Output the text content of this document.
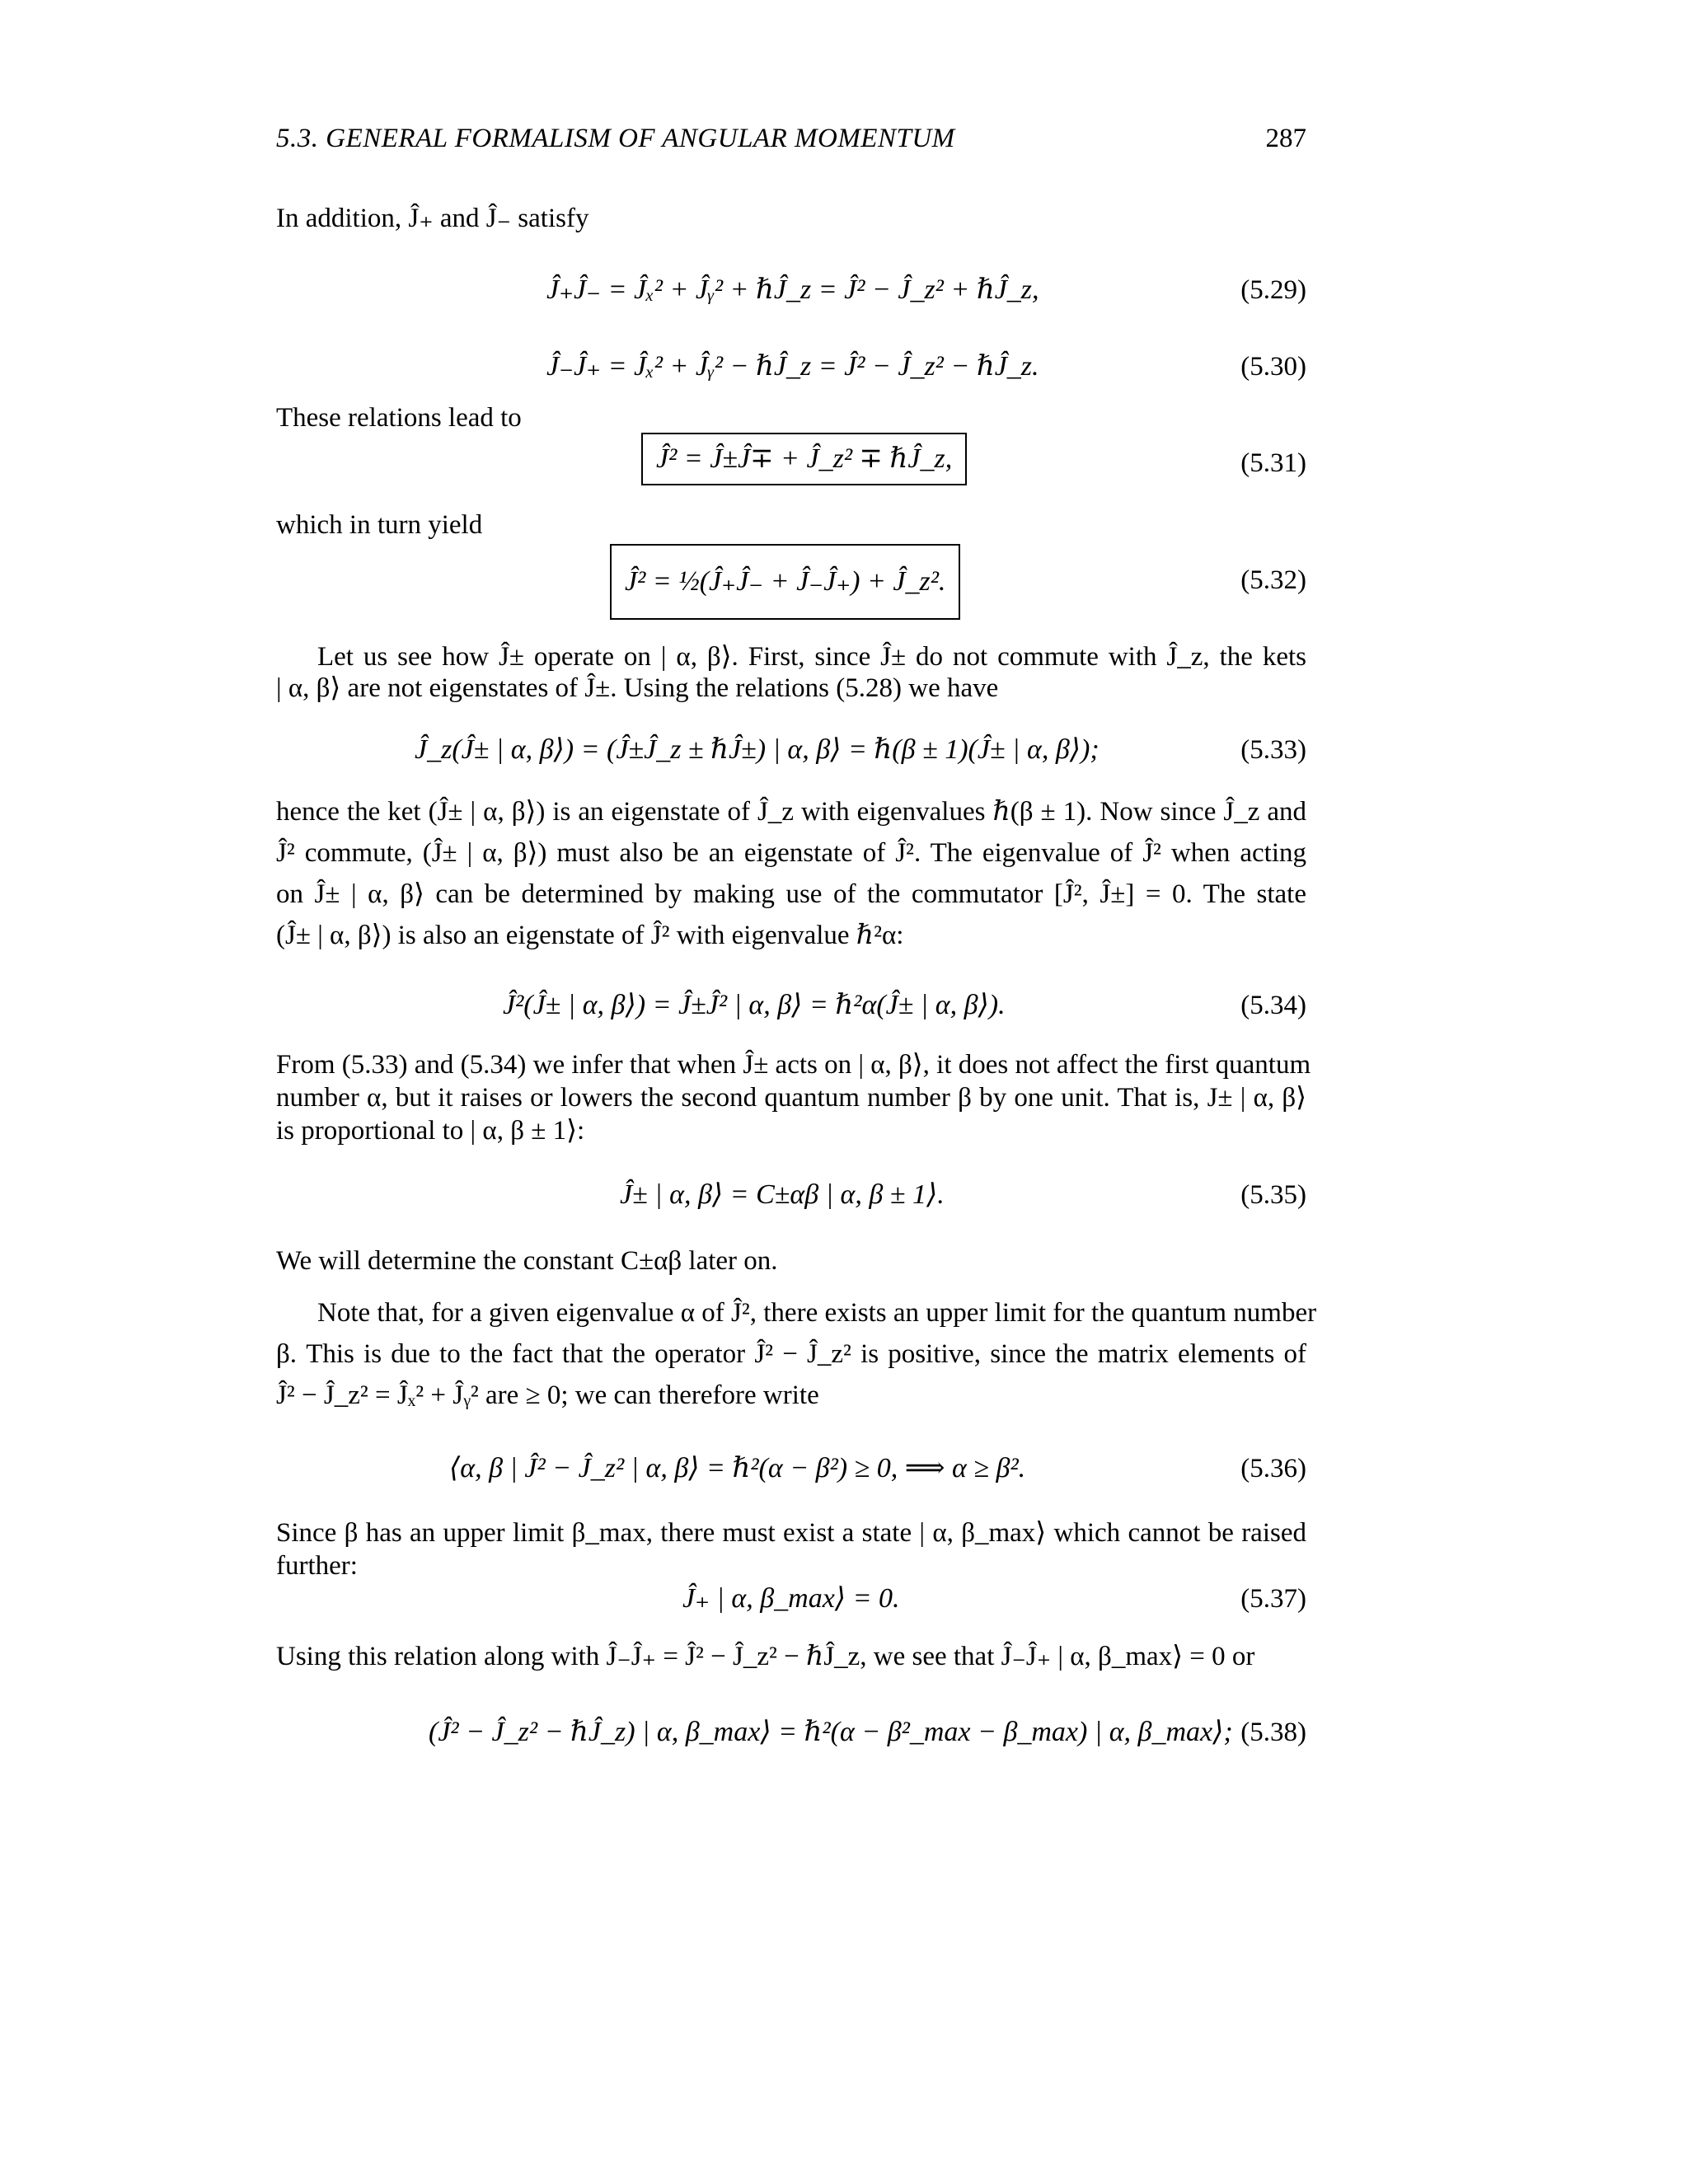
5.3. GENERAL FORMALISM OF ANGULAR MOMENTUM	287
In addition, Ĵ₊ and Ĵ₋ satisfy
Ĵ₊Ĵ₋ = Ĵₓ² + Ĵᵧ² + ℏĴ_z = Ĵ² − Ĵ_z² + ℏĴ_z,	(5.29)
Ĵ₋Ĵ₊ = Ĵₓ² + Ĵᵧ² − ℏĴ_z = Ĵ² − Ĵ_z² − ℏĴ_z.	(5.30)
These relations lead to
Ĵ² = Ĵ±Ĵ∓ + Ĵ_z² ∓ ℏĴ_z,	(5.31)
which in turn yield
Ĵ² = ½(Ĵ₊Ĵ₋ + Ĵ₋Ĵ₊) + Ĵ_z².	(5.32)
Let us see how Ĵ± operate on | α, β⟩. First, since Ĵ± do not commute with Ĵ_z, the kets
| α, β⟩ are not eigenstates of Ĵ±. Using the relations (5.28) we have
Ĵ_z(Ĵ± | α, β⟩) = (Ĵ±Ĵ_z ± ℏĴ±) | α, β⟩ = ℏ(β ± 1)(Ĵ± | α, β⟩);	(5.33)
hence the ket (Ĵ± | α, β⟩) is an eigenstate of Ĵ_z with eigenvalues ℏ(β ± 1). Now since Ĵ_z and
Ĵ² commute, (Ĵ± | α, β⟩) must also be an eigenstate of Ĵ². The eigenvalue of Ĵ² when acting
on Ĵ± | α, β⟩ can be determined by making use of the commutator [Ĵ², Ĵ±] = 0. The state
(Ĵ± | α, β⟩) is also an eigenstate of Ĵ² with eigenvalue ℏ²α:
Ĵ²(Ĵ± | α, β⟩) = Ĵ±Ĵ² | α, β⟩ = ℏ²α(Ĵ± | α, β⟩).	(5.34)
From (5.33) and (5.34) we infer that when Ĵ± acts on | α, β⟩, it does not affect the first quantum
number α, but it raises or lowers the second quantum number β by one unit. That is, J± | α, β⟩
is proportional to | α, β ± 1⟩:
Ĵ± | α, β⟩ = C±αβ | α, β ± 1⟩.	(5.35)
We will determine the constant C±αβ later on.
Note that, for a given eigenvalue α of Ĵ², there exists an upper limit for the quantum number
β. This is due to the fact that the operator Ĵ² − Ĵ_z² is positive, since the matrix elements of
Ĵ² − Ĵ_z² = Ĵₓ² + Ĵᵧ² are ≥ 0; we can therefore write
⟨α, β | Ĵ² − Ĵ_z² | α, β⟩ = ℏ²(α − β²) ≥ 0, ⟹ α ≥ β².	(5.36)
Since β has an upper limit β_max, there must exist a state | α, β_max⟩ which cannot be raised
further:
Ĵ₊ | α, β_max⟩ = 0.	(5.37)
Using this relation along with Ĵ₋Ĵ₊ = Ĵ² − Ĵ_z² − ℏĴ_z, we see that Ĵ₋Ĵ₊ | α, β_max⟩ = 0 or
(Ĵ² − Ĵ_z² − ℏĴ_z) | α, β_max⟩ = ℏ²(α − β²_max − β_max) | α, β_max⟩; (5.38)
